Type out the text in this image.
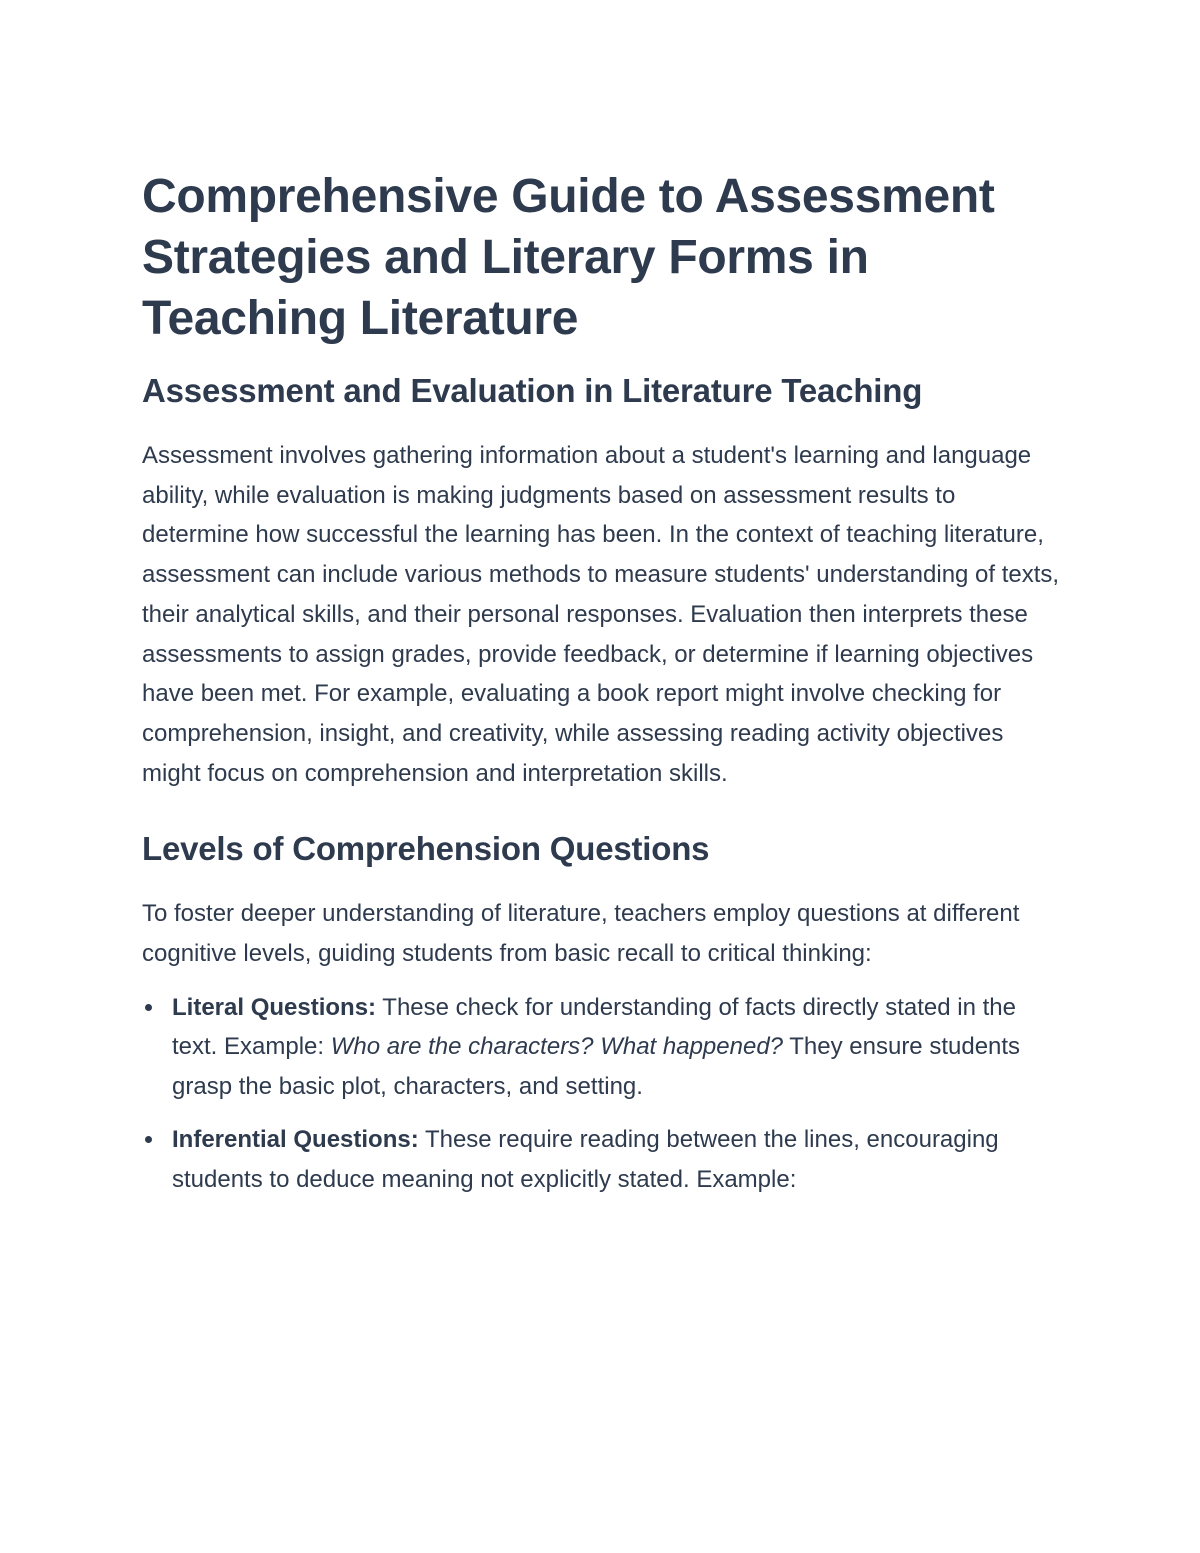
Comprehensive Guide to Assessment Strategies and Literary Forms in Teaching Literature
Assessment and Evaluation in Literature Teaching

Assessment involves gathering information about a student's learning and language ability, while evaluation is making judgments based on assessment results to determine how successful the learning has been. In the context of teaching literature, assessment can include various methods to measure students' understanding of texts, their analytical skills, and their personal responses. Evaluation then interprets these assessments to assign grades, provide feedback, or determine if learning objectives have been met. For example, evaluating a book report might involve checking for comprehension, insight, and creativity, while assessing reading activity objectives might focus on comprehension and interpretation skills.

Levels of Comprehension Questions

To foster deeper understanding of literature, teachers employ questions at different cognitive levels, guiding students from basic recall to critical thinking:

Literal Questions: These check for understanding of facts directly stated in the text. Example: Who are the characters? What happened? They ensure students grasp the basic plot, characters, and setting.
Inferential Questions: These require reading between the lines, encouraging students to deduce meaning not explicitly stated. Example:
